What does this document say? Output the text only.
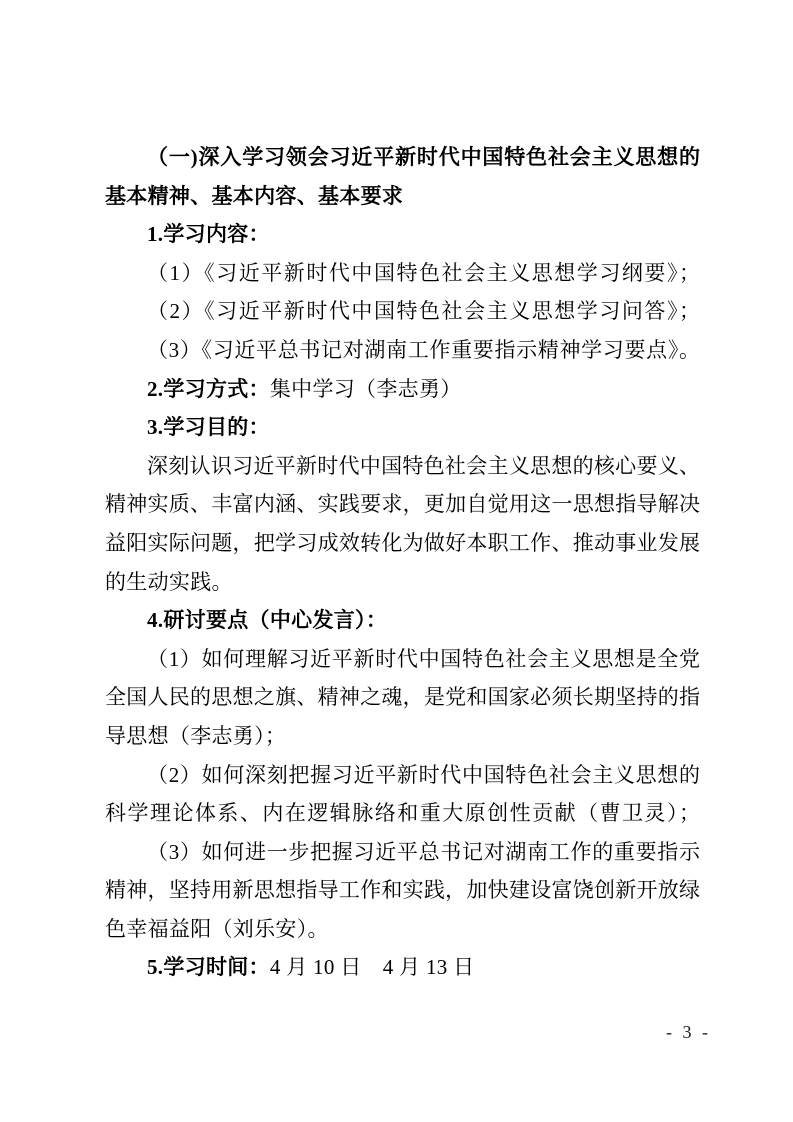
（一)深入学习领会习近平新时代中国特色社会主义思想的
基本精神、基本内容、基本要求
1.学习内容：
（1）《习近平新时代中国特色社会主义思想学习纲要》；
（2）《习近平新时代中国特色社会主义思想学习问答》；
（3）《习近平总书记对湖南工作重要指示精神学习要点》。
2.学习方式：集中学习（李志勇）
3.学习目的：
深刻认识习近平新时代中国特色社会主义思想的核心要义、
精神实质、丰富内涵、实践要求，更加自觉用这一思想指导解决
益阳实际问题，把学习成效转化为做好本职工作、推动事业发展
的生动实践。
4.研讨要点（中心发言）：
（1）如何理解习近平新时代中国特色社会主义思想是全党
全国人民的思想之旗、精神之魂，是党和国家必须长期坚持的指
导思想（李志勇）；
（2）如何深刻把握习近平新时代中国特色社会主义思想的
科学理论体系、内在逻辑脉络和重大原创性贡献（曹卫灵）；
（3）如何进一步把握习近平总书记对湖南工作的重要指示
精神，坚持用新思想指导工作和实践，加快建设富饶创新开放绿
色幸福益阳（刘乐安）。
5.学习时间：4 月 10 日　4 月 13 日
- 3 -
